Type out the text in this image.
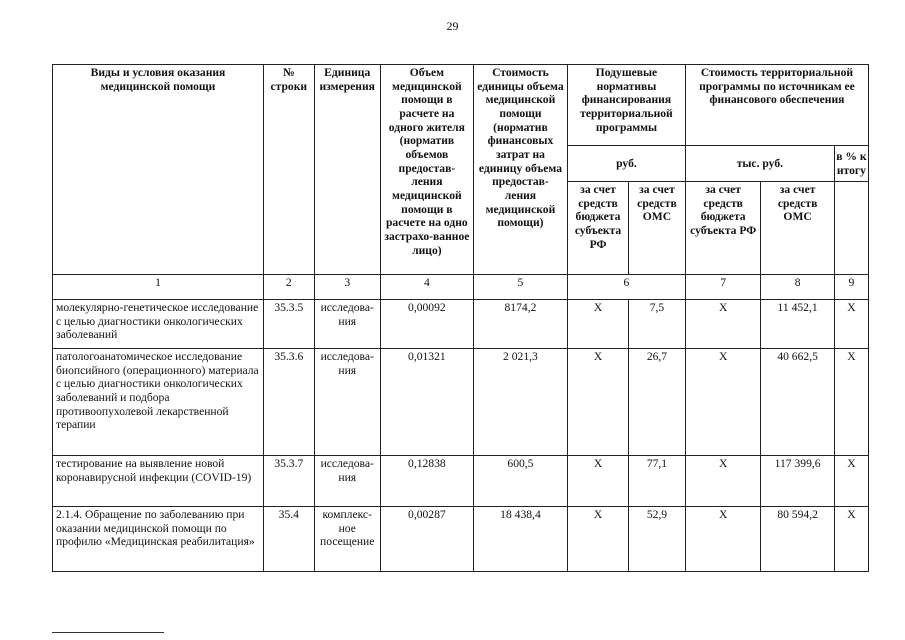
29
Виды и условия оказания медицинской помощи	№ строки	Единица измерения	Объем медицинской помощи в расчете на одного жителя (норматив объемов предостав-ления медицинской помощи в расчете на одно застрахо-ванное лицо)	Стоимость единицы объема медицинской помощи (норматив финансовых затрат на единицу объема предостав-ления медицинской помощи)	Подушевые нормативы финансирования территориальной программы		Стоимость территориальной программы по источникам ее финансового обеспечения		
					руб.		тыс. руб.		в % к итогу
					за счет средств бюджета субъекта РФ	за счет средств ОМС	за счет средств бюджета субъекта РФ	за счет средств ОМС	
1	2	3	4	5	6		7	8	9
молекулярно-генетическое исследование с целью диагностики онкологических заболеваний	35.3.5	исследова-ния	0,00092	8174,2	X	7,5	X	11 452,1	X
патологоанатомическое исследование биопсийного (операционного) материала с целью диагностики онкологических заболеваний и подбора противоопухолевой лекарственной терапии	35.3.6	исследова-ния	0,01321	2 021,3	X	26,7	X	40 662,5	X
тестирование на выявление новой коронавирусной инфекции (COVID-19)	35.3.7	исследова-ния	0,12838	600,5	X	77,1	X	117 399,6	X
2.1.4. Обращение по заболеванию при оказании медицинской помощи по профилю «Медицинская реабилитация»	35.4	комплекс-ное посещение	0,00287	18 438,4	X	52,9	X	80 594,2	X
